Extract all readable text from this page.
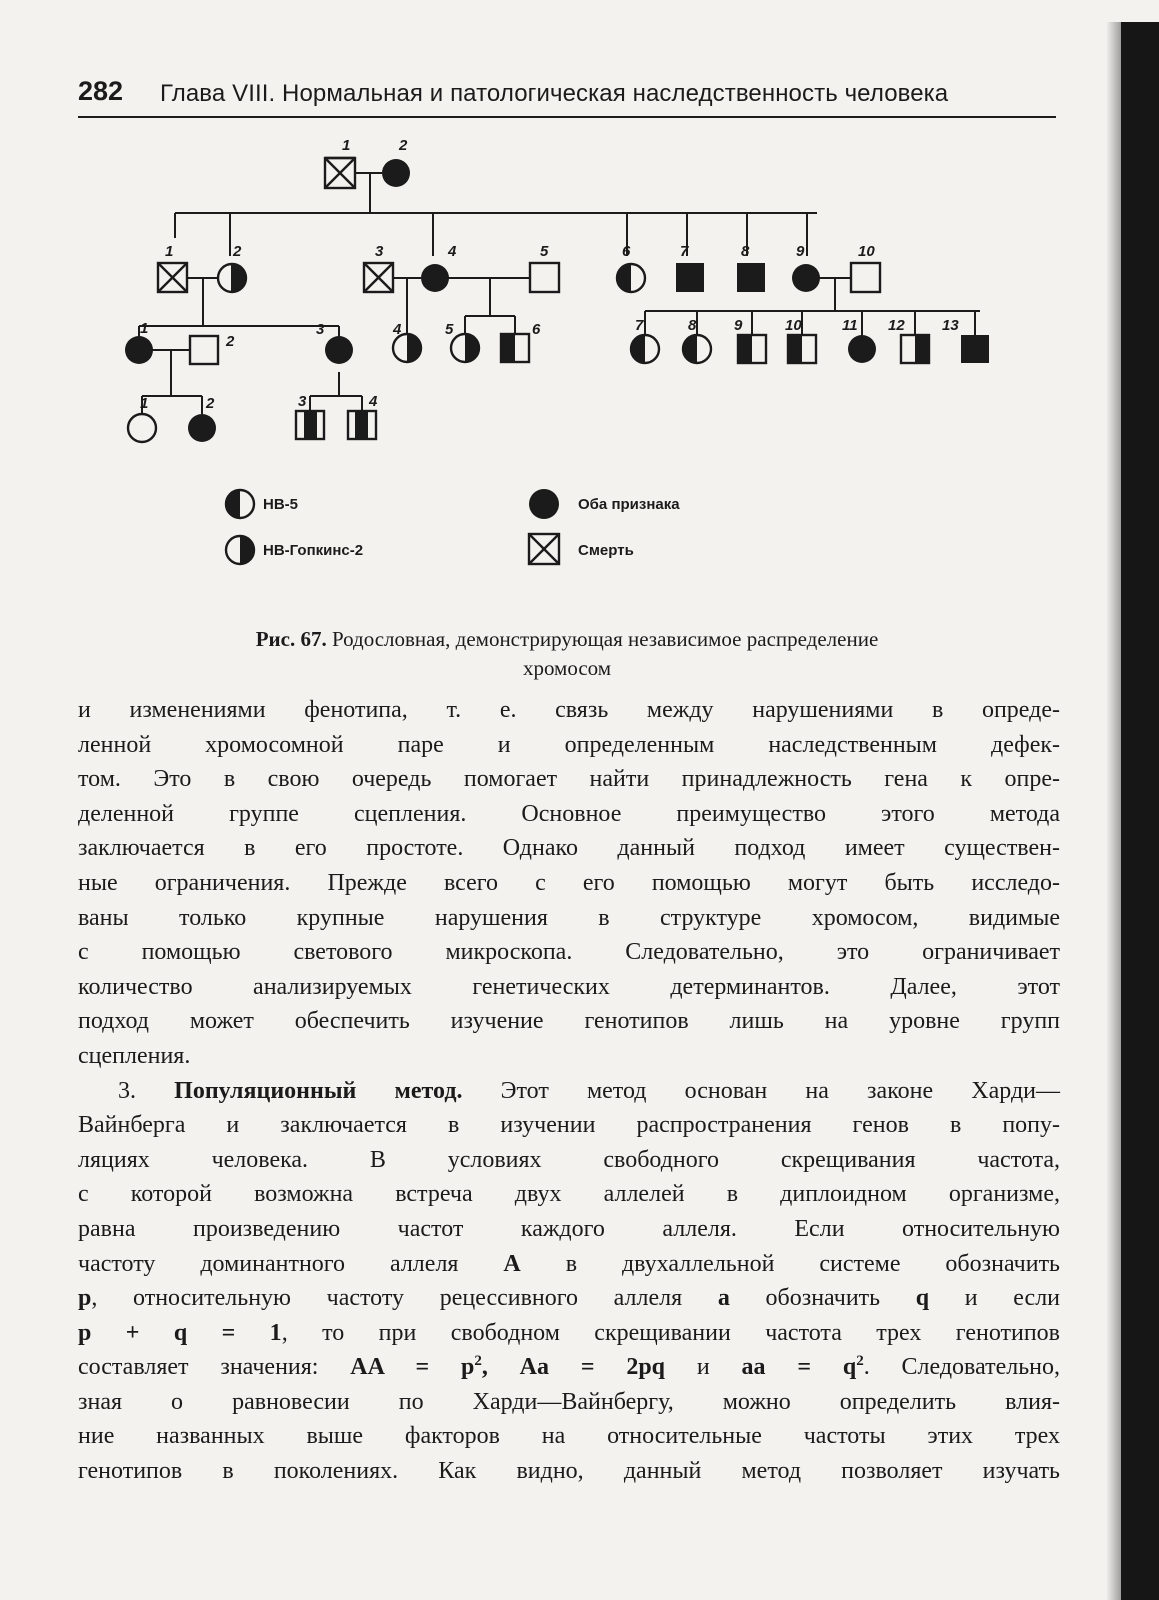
282 Глава VIII. Нормальная и патологическая наследственность человека
1	2
1	2	3	4	5	6	7	8	9	10
1
2
3	4	5	6	7	8	9	10	11 12 13
1	2	3	4
НВ-5
НВ-Гопкинс-2
Оба признака
Смерть
Рис. 67. Родословная, демонстрирующая независимое распределение
хромосом
и изменениями фенотипа, т. е. связь между нарушениями в опреде-
ленной хромосомной паре и определенным наследственным дефек-
том. Это в свою очередь помогает найти принадлежность гена к опре-
деленной группе сцепления. Основное преимущество этого метода
заключается в его простоте. Однако данный подход имеет существен-
ные ограничения. Прежде всего с его помощью могут быть исследо-
ваны только крупные нарушения в структуре хромосом, видимые
с помощью светового микроскопа. Следовательно, это ограничивает
количество анализируемых генетических детерминантов. Далее, этот
подход может обеспечить изучение генотипов лишь на уровне групп
сцепления.
3. Популяционный метод. Этот метод основан на законе Харди—
Вайнберга и заключается в изучении распространения генов в попу-
ляциях человека. В условиях свободного скрещивания частота,
с которой возможна встреча двух аллелей в диплоидном организме,
равна произведению частот каждого аллеля. Если относительную
частоту доминантного аллеля A в двухаллельной системе обозначить
p, относительную частоту рецессивного аллеля a обозначить q и если
p + q = 1, то при свободном скрещивании частота трех генотипов
составляет значения: AA = $p^2$, Aa = 2pq и aa = $q^2$. Следовательно,
зная о равновесии по Харди—Вайнбергу, можно определить влия-
ние названных выше факторов на относительные частоты этих трех
генотипов в поколениях. Как видно, данный метод позволяет изучать
